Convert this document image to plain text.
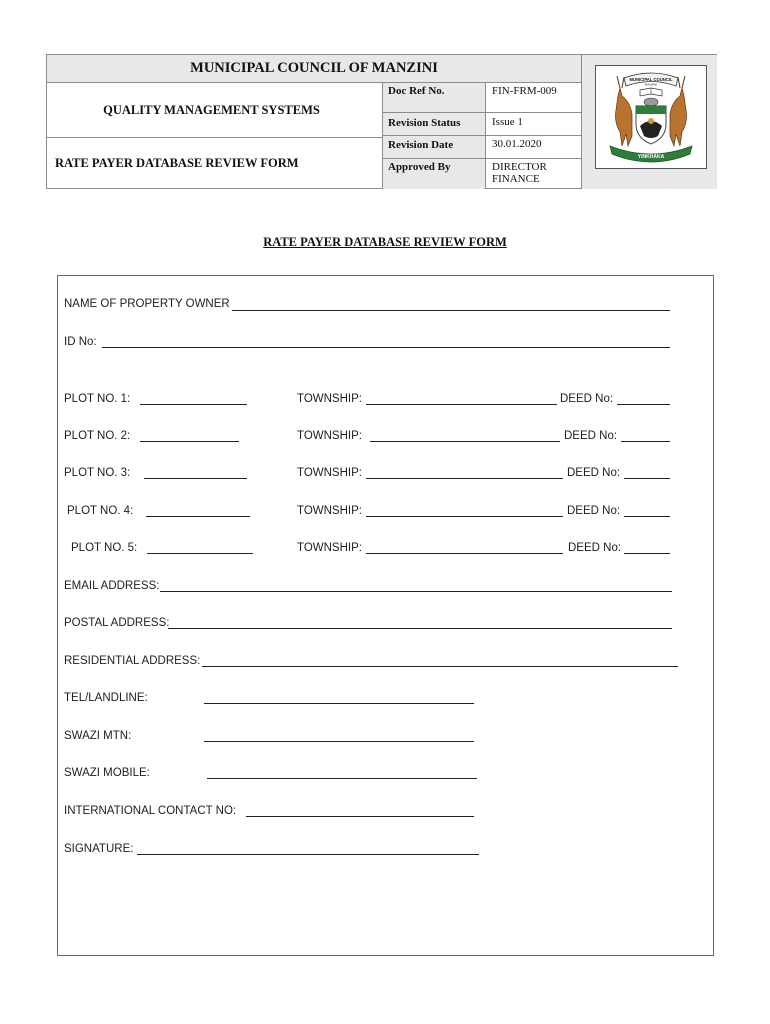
MUNICIPAL COUNCIL OF MANZINI
QUALITY MANAGEMENT SYSTEMS
RATE PAYER DATABASE REVIEW FORM
Doc Ref No.	FIN-FRM-009
Revision Status	Issue 1
Revision Date	30.01.2020
Approved By	DIRECTOR FINANCE
MUNICIPAL COUNCIL
MANZINI
YINKHAKA
RATE PAYER DATABASE REVIEW FORM
NAME OF PROPERTY OWNER
ID No:
PLOT NO. 1:	TOWNSHIP:	DEED No:
PLOT NO. 2:	TOWNSHIP:	DEED No:
PLOT NO. 3:	TOWNSHIP:	DEED No:
PLOT NO. 4:	TOWNSHIP:	DEED No:
PLOT NO. 5:	TOWNSHIP:	DEED No:
EMAIL ADDRESS:
POSTAL ADDRESS:
RESIDENTIAL ADDRESS:
TEL/LANDLINE:
SWAZI MTN:
SWAZI MOBILE:
INTERNATIONAL CONTACT NO:
SIGNATURE:
